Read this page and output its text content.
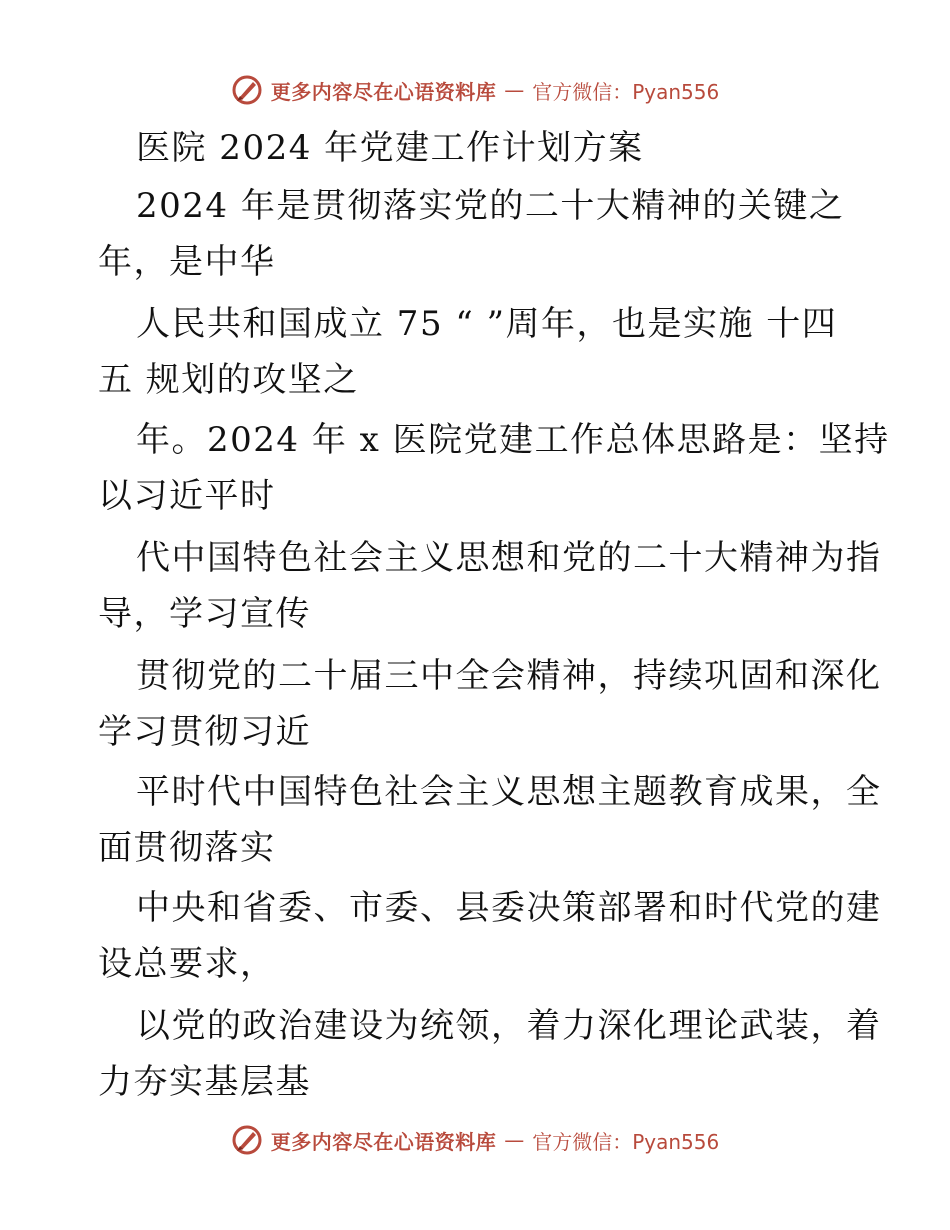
更多内容尽在心语资料库 — 官方微信：Pyan556
医院 2024 年党建工作计划方案
2024 年是贯彻落实党的二十大精神的关键之
年，是中华
人民共和国成立 75 “ ”周年，也是实施 十四
五 规划的攻坚之
年。2024 年 x 医院党建工作总体思路是：坚持
以习近平时
代中国特色社会主义思想和党的二十大精神为指
导，学习宣传
贯彻党的二十届三中全会精神，持续巩固和深化
学习贯彻习近
平时代中国特色社会主义思想主题教育成果，全
面贯彻落实
中央和省委、市委、县委决策部署和时代党的建
设总要求，
以党的政治建设为统领，着力深化理论武装，着
力夯实基层基
更多内容尽在心语资料库 — 官方微信：Pyan556
